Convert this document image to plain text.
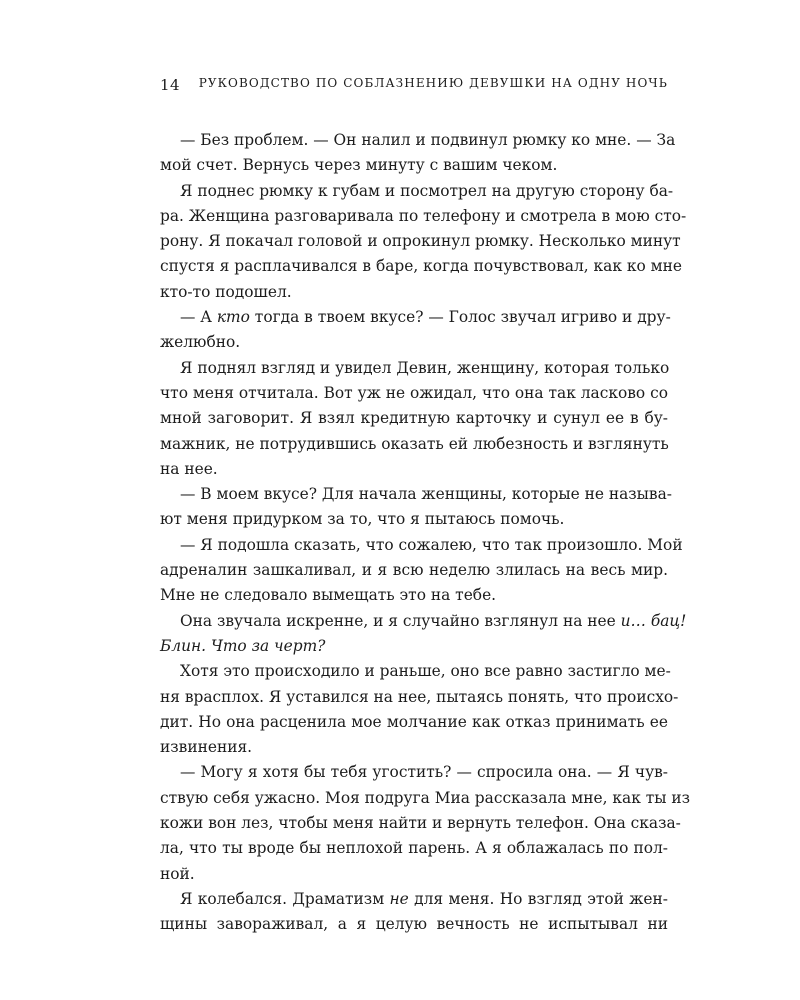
14 РУКОВОДСТВО ПО СОБЛАЗНЕНИЮ ДЕВУШКИ НА ОДНУ НОЧЬ
— Без проблем. — Он налил и подвинул рюмку ко мне. — За
мой счет. Вернусь через минуту с вашим чеком.
Я поднес рюмку к губам и посмотрел на другую сторону ба-
ра. Женщина разговаривала по телефону и смотрела в мою сто-
рону. Я покачал головой и опрокинул рюмку. Несколько минут
спустя я расплачивался в баре, когда почувствовал, как ко мне
кто-то подошел.
— А кто тогда в твоем вкусе? — Голос звучал игриво и дру-
желюбно.
Я поднял взгляд и увидел Девин, женщину, которая только
что меня отчитала. Вот уж не ожидал, что она так ласково со
мной заговорит. Я взял кредитную карточку и сунул ее в бу-
мажник, не потрудившись оказать ей любезность и взглянуть
на нее.
— В моем вкусе? Для начала женщины, которые не называ-
ют меня придурком за то, что я пытаюсь помочь.
— Я подошла сказать, что сожалею, что так произошло. Мой
адреналин зашкаливал, и я всю неделю злилась на весь мир.
Мне не следовало вымещать это на тебе.
Она звучала искренне, и я случайно взглянул на нее и… бац!
Блин. Что за черт?
Хотя это происходило и раньше, оно все равно застигло ме-
ня врасплох. Я уставился на нее, пытаясь понять, что происхо-
дит. Но она расценила мое молчание как отказ принимать ее
извинения.
— Могу я хотя бы тебя угостить? — спросила она. — Я чув-
ствую себя ужасно. Моя подруга Миа рассказала мне, как ты из
кожи вон лез, чтобы меня найти и вернуть телефон. Она сказа-
ла, что ты вроде бы неплохой парень. А я облажалась по пол-
ной.
Я колебался. Драматизм не для меня. Но взгляд этой жен-
щины завораживал, а я целую вечность не испытывал ни
